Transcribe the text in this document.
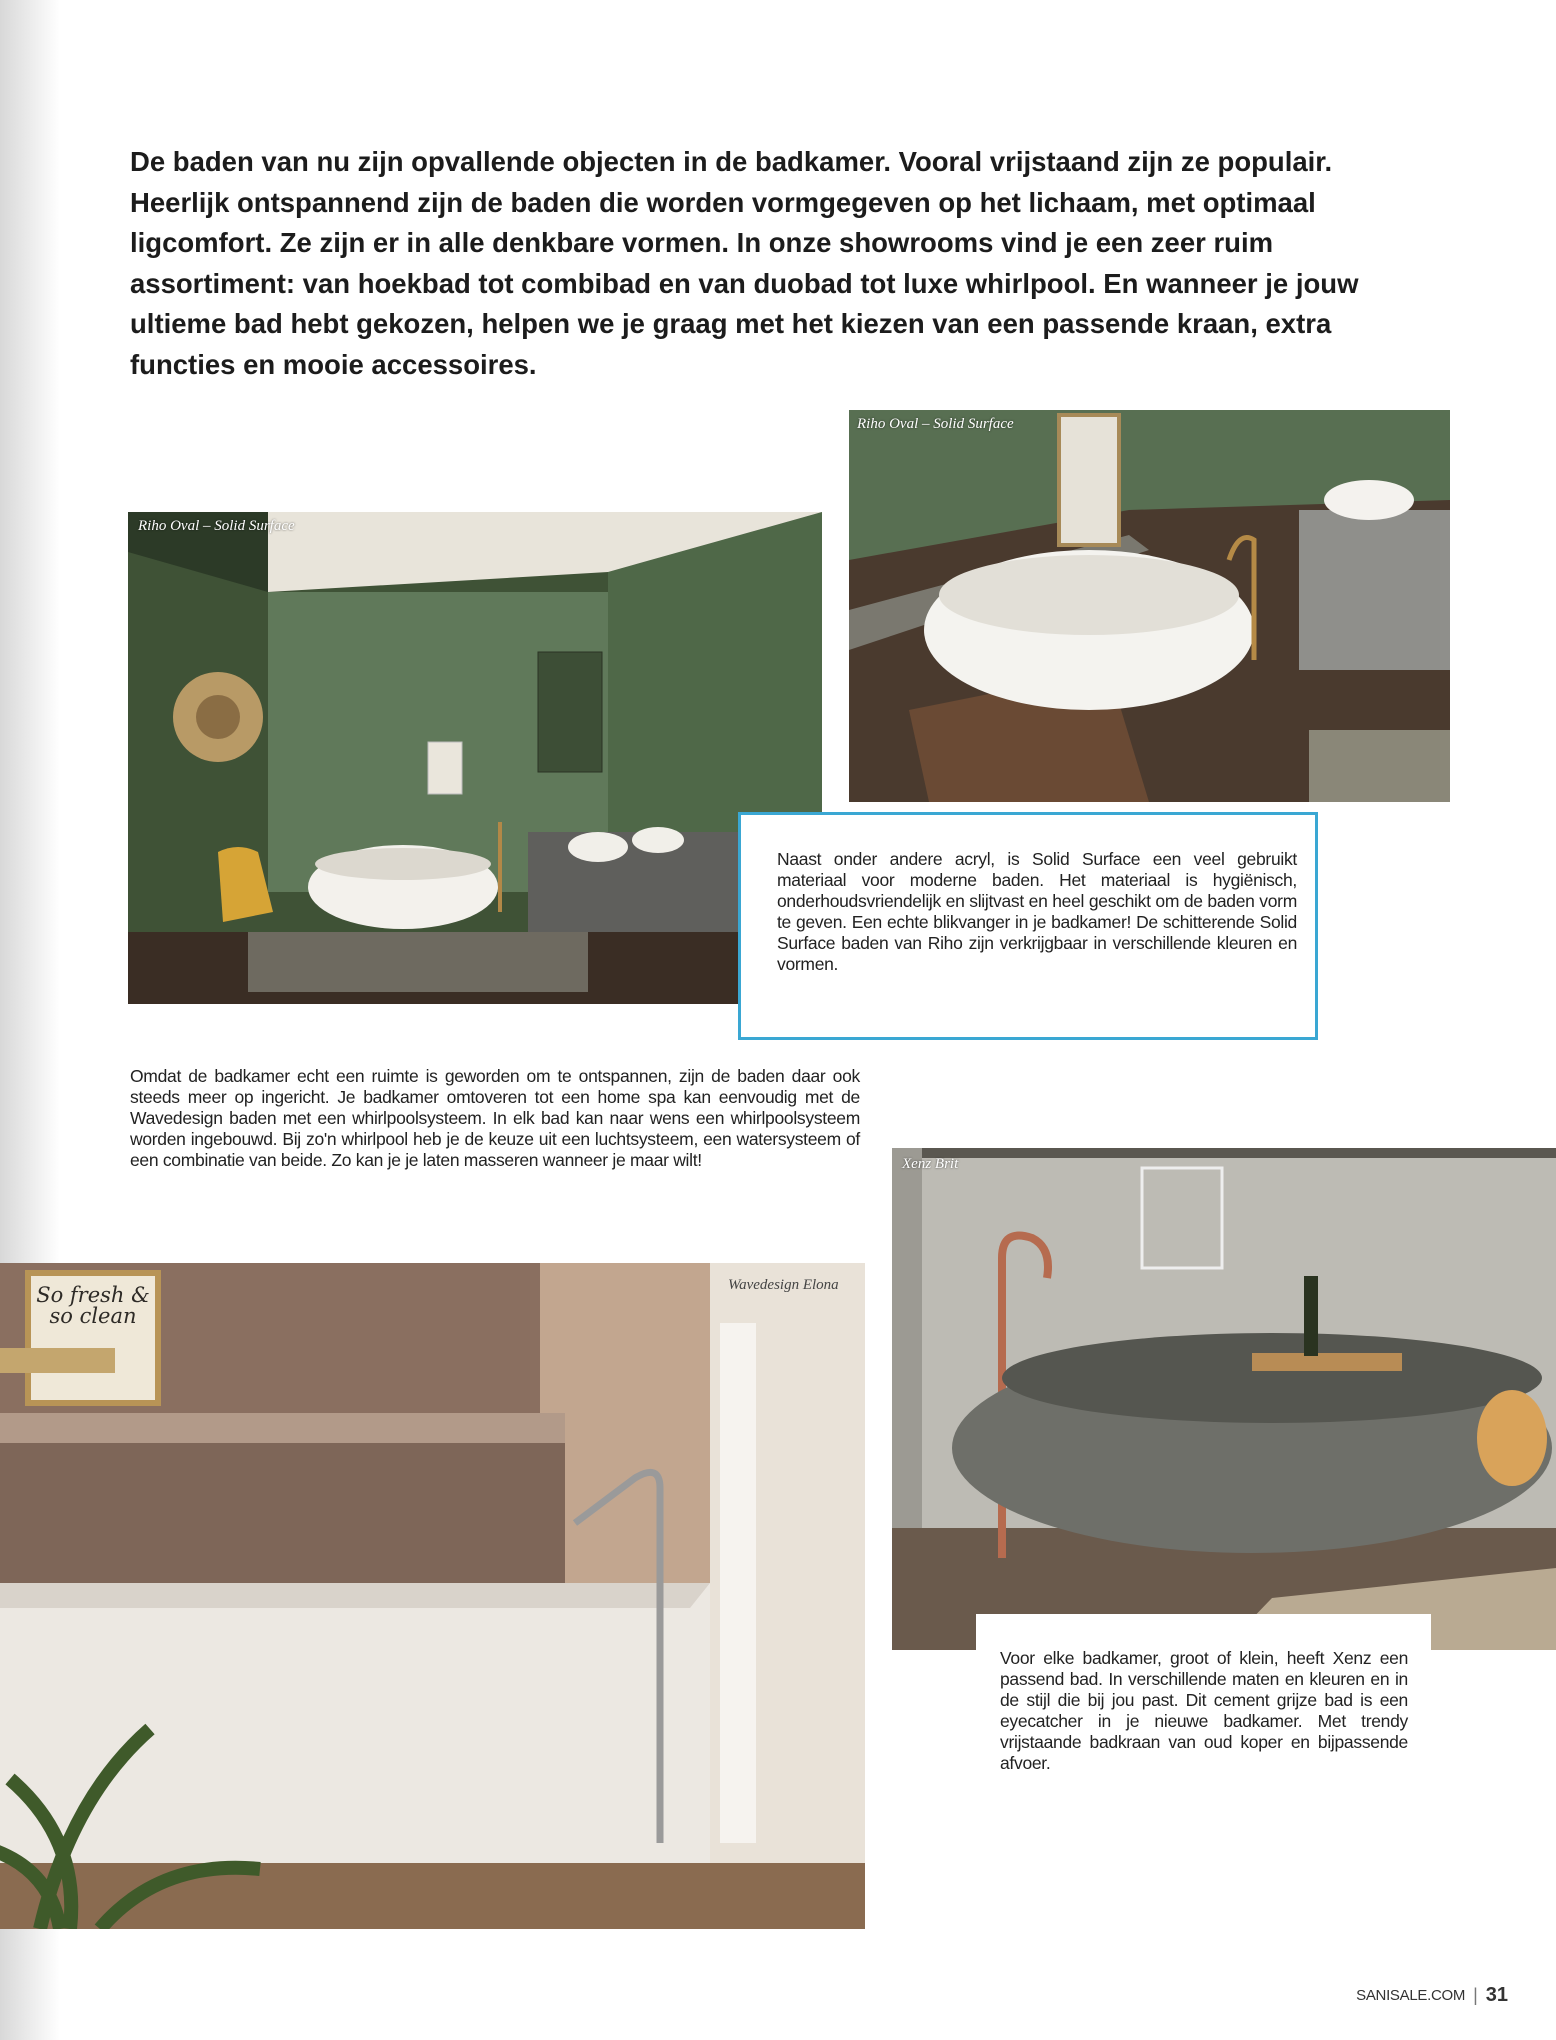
De baden van nu zijn opvallende objecten in de badkamer. Vooral vrijstaand zijn ze populair. Heerlijk ontspannend zijn de baden die worden vormgegeven op het lichaam, met optimaal ligcomfort. Ze zijn er in alle denkbare vormen. In onze showrooms vind je een zeer ruim assortiment: van hoekbad tot combibad en van duobad tot luxe whirlpool. En wanneer je jouw ultieme bad hebt gekozen, helpen we je graag met het kiezen van een passende kraan, extra functies en mooie accessoires.

Riho Oval – Solid Surface
Riho Oval – Solid Surface

Naast onder andere acryl, is Solid Surface een veel gebruikt materiaal voor moderne baden. Het materiaal is hygiënisch, onderhoudsvriendelijk en slijtvast en heel geschikt om de baden vorm te geven. Een echte blikvanger in je badkamer! De schitterende Solid Surface baden van Riho zijn verkrijgbaar in verschillende kleuren en vormen.

Omdat de badkamer echt een ruimte is geworden om te ontspannen, zijn de baden daar ook steeds meer op ingericht. Je badkamer omtoveren tot een home spa kan eenvoudig met de Wavedesign baden met een whirlpoolsysteem. In elk bad kan naar wens een whirlpoolsysteem worden ingebouwd. Bij zo'n whirlpool heb je de keuze uit een luchtsysteem, een watersysteem of een combinatie van beide. Zo kan je je laten masseren wanneer je maar wilt!

So fresh & so clean
Wavedesign Elona
Xenz Brit

Voor elke badkamer, groot of klein, heeft Xenz een passend bad. In verschillende maten en kleuren en in de stijl die bij jou past. Dit cement grijze bad is een eyecatcher in je nieuwe badkamer. Met trendy vrijstaande badkraan van oud koper en bijpassende afvoer.

SANISALE.COM | 31
